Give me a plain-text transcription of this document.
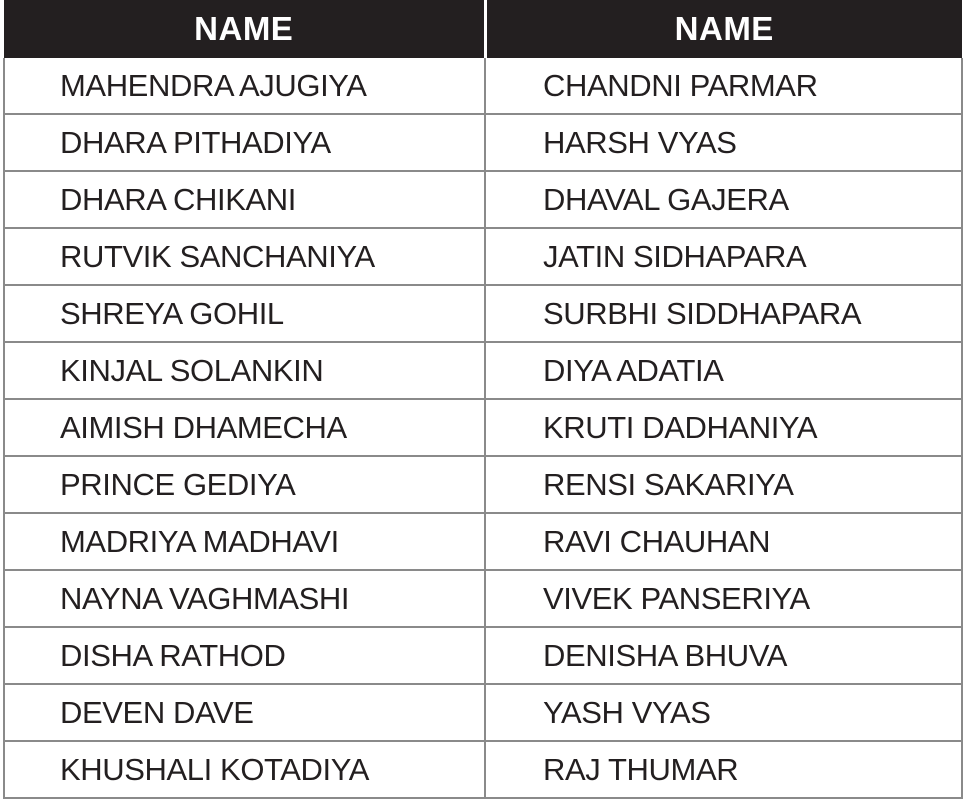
NAME	NAME
MAHENDRA AJUGIYA	CHANDNI PARMAR
DHARA PITHADIYA	HARSH VYAS
DHARA CHIKANI	DHAVAL GAJERA
RUTVIK SANCHANIYA	JATIN SIDHAPARA
SHREYA GOHIL	SURBHI SIDDHAPARA
KINJAL SOLANKIN	DIYA ADATIA
AIMISH DHAMECHA	KRUTI DADHANIYA
PRINCE GEDIYA	RENSI SAKARIYA
MADRIYA MADHAVI	RAVI CHAUHAN
NAYNA VAGHMASHI	VIVEK PANSERIYA
DISHA RATHOD	DENISHA BHUVA
DEVEN DAVE	YASH VYAS
KHUSHALI KOTADIYA	RAJ THUMAR
